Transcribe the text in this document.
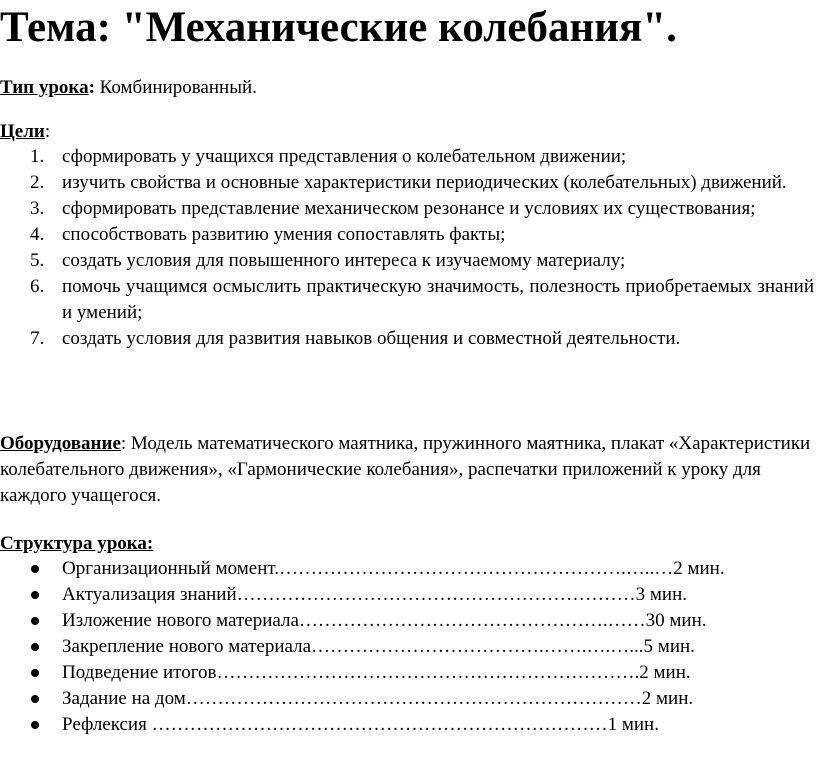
Тема: "Механические колебания".
Тип урока: Комбинированный.
Цели:
1. сформировать у учащихся представления о колебательном движении;
2. изучить свойства и основные характеристики периодических (колебательных) движений.
3. сформировать представление механическом резонансе и условиях их существования;
4. способствовать развитию умения сопоставлять факты;
5. создать условия для повышенного интереса к изучаемому материалу;
6. помочь учащимся осмыслить практическую значимость, полезность приобретаемых знаний и умений;
7. создать условия для развития навыков общения и совместной деятельности.
Оборудование: Модель математического маятника, пружинного маятника, плакат «Характеристики колебательного движения», «Гармонические колебания», распечатки приложений к уроку для каждого учащегося.
Структура урока:
Организационный момент.……………………………………………….…..…2 мин.
Актуализация знаний………………………………………………………3 мин.
Изложение нового материала………………………………………….……30 мин.
Закрепление нового материала……………………………….…….….…...5 мин.
Подведение итогов………………………………………………………….2 мин.
Задание на дом………………………………………………………………2 мин.
Рефлексия ………………………………………………………………1 мин.
